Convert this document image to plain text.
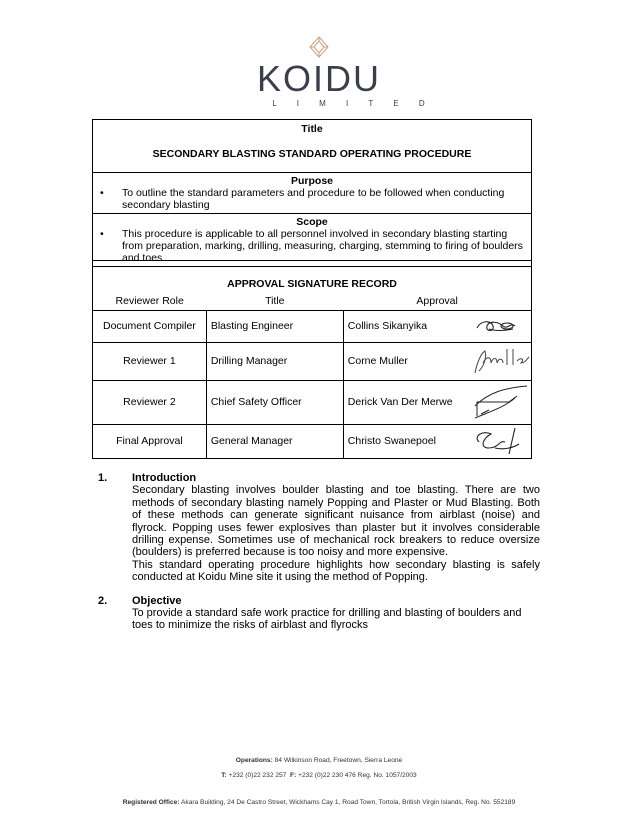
KOIDU
L I M I T E D
Title
SECONDARY BLASTING STANDARD OPERATING PROCEDURE

Purpose
•	To outline the standard parameters and procedure to be followed when conducting secondary blasting

Scope
•	This procedure is applicable to all personnel involved in secondary blasting starting from preparation, marking, drilling, measuring, charging, stemming to firing of boulders and toes
APPROVAL SIGNATURE RECORD			
Reviewer Role	Title	Approval	
Document Compiler	Blasting Engineer	Collins Sikanyika	

Reviewer 1	Drilling Manager	Corne Muller	

Reviewer 2	Chief Safety Officer	Derick Van Der Merwe	

Final Approval	General Manager	Christo Swanepoel	
1.	Introduction

Secondary blasting involves boulder blasting and toe blasting. There are two methods of secondary blasting namely Popping and Plaster or Mud Blasting. Both of these methods can generate significant nuisance from airblast (noise) and flyrock. Popping uses fewer explosives than plaster but it involves considerable drilling expense. Sometimes use of mechanical rock breakers to reduce oversize (boulders) is preferred because is too noisy and more expensive.

This standard operating procedure highlights how secondary blasting is safely conducted at Koidu Mine site it using the method of Popping.

2.	Objective

To provide a standard safe work practice for drilling and blasting of boulders and toes to minimize the risks of airblast and flyrocks

Operations: 84 Wilkinson Road, Freetown, Sierra Leone
T: +232 (0)22 232 257 F: +232 (0)22 230 476 Reg. No. 1057/2003
Registered Office: Akara Building, 24 De Castro Street, Wickhams Cay 1, Road Town, Tortola, British Virgin Islands, Reg. No. 552189
